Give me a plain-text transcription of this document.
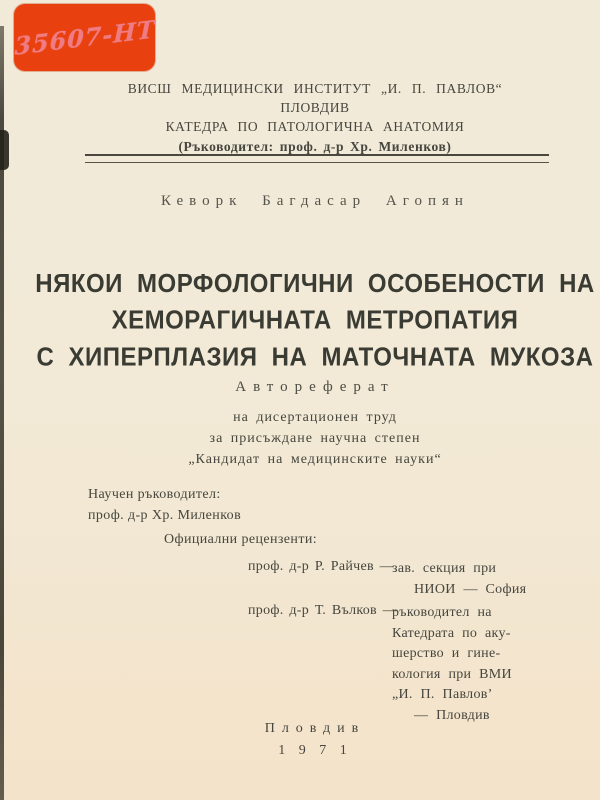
35607-НТ
ВИСШ МЕДИЦИНСКИ ИНСТИТУТ „И. П. ПАВЛОВ“
ПЛОВДИВ
КАТЕДРА ПО ПАТОЛОГИЧНА АНАТОМИЯ
(Ръководител: проф. д-р Хр. Миленков)
Кеворк Багдасар Агопян
НЯКОИ МОРФОЛОГИЧНИ ОСОБЕНОСТИ НА
ХЕМОРАГИЧНАТА МЕТРОПАТИЯ
С ХИПЕРПЛАЗИЯ НА МАТОЧНАТА МУКОЗА
Автореферат
на дисертационен труд
за присъждане научна степен
„Кандидат на медицинските науки“
Научен ръководител:
проф. д-р Хр. Миленков
Официални рецензенти:
проф. д-р Р. Райчев —
зав. секция при
НИОИ — София
проф. д-р Т. Вълков —
ръководител на
Катедрата по аку-
шерство и гине-
кология при ВМИ
„И. П. Павлов’
— Пловдив
Пловдив
1 9 7 1
